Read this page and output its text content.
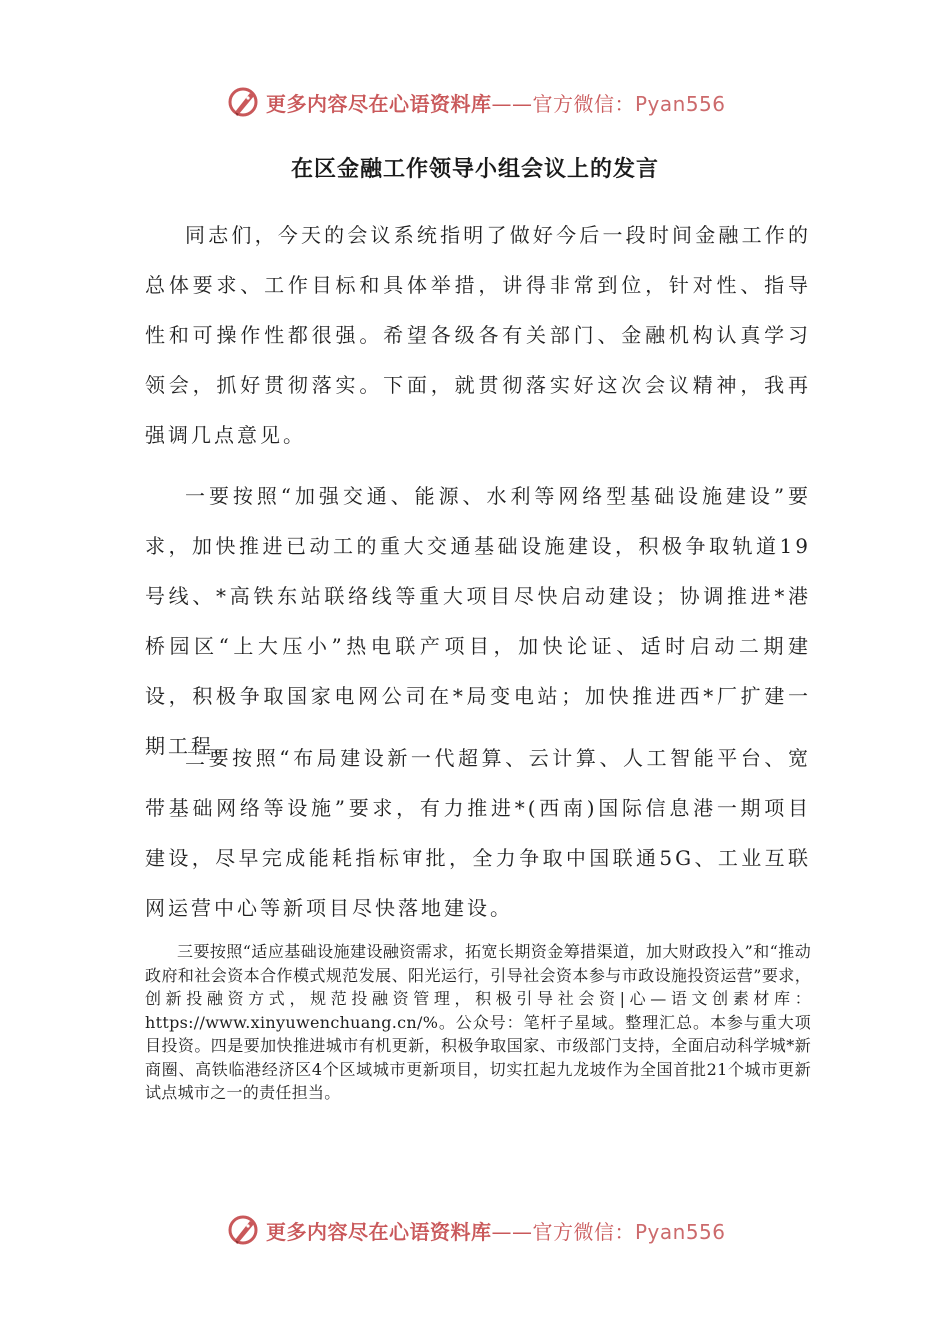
更多内容尽在心语资料库——官方微信：Pyan556
在区金融工作领导小组会议上的发言

同志们，今天的会议系统指明了做好今后一段时间金融工作的总体要求、工作目标和具体举措，讲得非常到位，针对性、指导性和可操作性都很强。希望各级各有关部门、金融机构认真学习领会，抓好贯彻落实。下面，就贯彻落实好这次会议精神，我再强调几点意见。

一要按照“加强交通、能源、水利等网络型基础设施建设”要求，加快推进已动工的重大交通基础设施建设，积极争取轨道19号线、*高铁东站联络线等重大项目尽快启动建设；协调推进*港桥园区“上大压小”热电联产项目，加快论证、适时启动二期建设，积极争取国家电网公司在*局变电站；加快推进西*厂扩建一期工程。

二要按照“布局建设新一代超算、云计算、人工智能平台、宽带基础网络等设施”要求，有力推进*(西南)国际信息港一期项目建设，尽早完成能耗指标审批，全力争取中国联通5G、工业互联网运营中心等新项目尽快落地建设。

三要按照“适应基础设施建设融资需求，拓宽长期资金筹措渠道，加大财政投入”和“推动政府和社会资本合作模式规范发展、阳光运行，引导社会资本参与市政设施投资运营”要求，创新投融资方式，规范投融资管理，积极引导社会资|心—语文创素材库：https://www.xinyuwenchuang.cn/%。公众号：笔杆子星域。整理汇总。本参与重大项目投资。四是要加快推进城市有机更新，积极争取国家、市级部门支持，全面启动科学城*新商圈、高铁临港经济区4个区域城市更新项目，切实扛起九龙坡作为全国首批21个城市更新试点城市之一的责任担当。

更多内容尽在心语资料库——官方微信：Pyan556
